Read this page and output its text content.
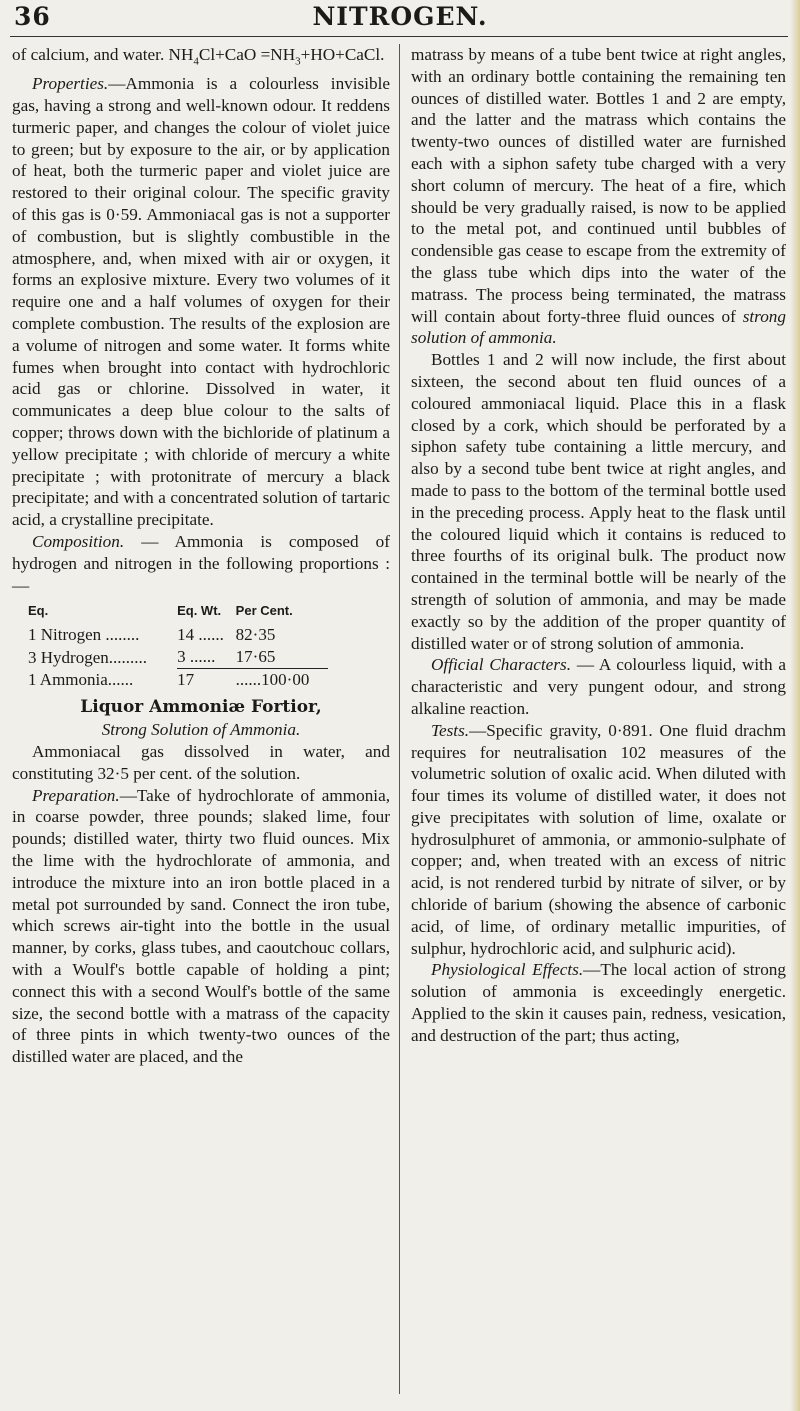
36	NITROGEN.

of calcium, and water. $NH_4Cl+CaO$ $=NH_3+HO+CaCl$.

Properties.—Ammonia is a colourless invisible gas, having a strong and well-known odour. It reddens turmeric paper, and changes the colour of violet juice to green; but by exposure to the air, or by application of heat, both the turmeric paper and violet juice are restored to their original colour. The specific gravity of this gas is 0·59. Ammoniacal gas is not a supporter of combustion, but is slightly combustible in the atmosphere, and, when mixed with air or oxygen, it forms an explosive mixture. Every two volumes of it require one and a half volumes of oxygen for their complete combustion. The results of the explosion are a volume of nitrogen and some water. It forms white fumes when brought into contact with hydrochloric acid gas or chlorine. Dissolved in water, it communicates a deep blue colour to the salts of copper; throws down with the bichloride of platinum a yellow precipitate ; with chloride of mercury a white precipitate ; with protonitrate of mercury a black precipitate; and with a concentrated solution of tartaric acid, a crystalline precipitate.

Composition. — Ammonia is composed of hydrogen and nitrogen in the following proportions :—

Eq.	Eq. Wt.	Per Cent.
1 Nitrogen ........	14 ......	82·35
3 Hydrogen.........	3 ......	17·65
1 Ammonia......	17	......100·00

Liquor Ammoniæ Fortior,

Strong Solution of Ammonia.

Ammoniacal gas dissolved in water, and constituting 32·5 per cent. of the solution.

Preparation.—Take of hydrochlorate of ammonia, in coarse powder, three pounds; slaked lime, four pounds; distilled water, thirty two fluid ounces. Mix the lime with the hydrochlorate of ammonia, and introduce the mixture into an iron bottle placed in a metal pot surrounded by sand. Connect the iron tube, which screws air-tight into the bottle in the usual manner, by corks, glass tubes, and caoutchouc collars, with a Woulf's bottle capable of holding a pint; connect this with a second Woulf's bottle of the same size, the second bottle with a matrass of the capacity of three pints in which twenty-two ounces of the distilled water are placed, and the

matrass by means of a tube bent twice at right angles, with an ordinary bottle containing the remaining ten ounces of distilled water. Bottles 1 and 2 are empty, and the latter and the matrass which contains the twenty-two ounces of distilled water are furnished each with a siphon safety tube charged with a very short column of mercury. The heat of a fire, which should be very gradually raised, is now to be applied to the metal pot, and continued until bubbles of condensible gas cease to escape from the extremity of the glass tube which dips into the water of the matrass. The process being terminated, the matrass will contain about forty-three fluid ounces of strong solution of ammonia.

Bottles 1 and 2 will now include, the first about sixteen, the second about ten fluid ounces of a coloured ammoniacal liquid. Place this in a flask closed by a cork, which should be perforated by a siphon safety tube containing a little mercury, and also by a second tube bent twice at right angles, and made to pass to the bottom of the terminal bottle used in the preceding process. Apply heat to the flask until the coloured liquid which it contains is reduced to three fourths of its original bulk. The product now contained in the terminal bottle will be nearly of the strength of solution of ammonia, and may be made exactly so by the addition of the proper quantity of distilled water or of strong solution of ammonia.

Official Characters. — A colourless liquid, with a characteristic and very pungent odour, and strong alkaline reaction.

Tests.—Specific gravity, 0·891. One fluid drachm requires for neutralisation 102 measures of the volumetric solution of oxalic acid. When diluted with four times its volume of distilled water, it does not give precipitates with solution of lime, oxalate or hydrosulphuret of ammonia, or ammonio-sulphate of copper; and, when treated with an excess of nitric acid, is not rendered turbid by nitrate of silver, or by chloride of barium (showing the absence of carbonic acid, of lime, of ordinary metallic impurities, of sulphur, hydrochloric acid, and sulphuric acid).

Physiological Effects.—The local action of strong solution of ammonia is exceedingly energetic. Applied to the skin it causes pain, redness, vesication, and destruction of the part; thus acting,
